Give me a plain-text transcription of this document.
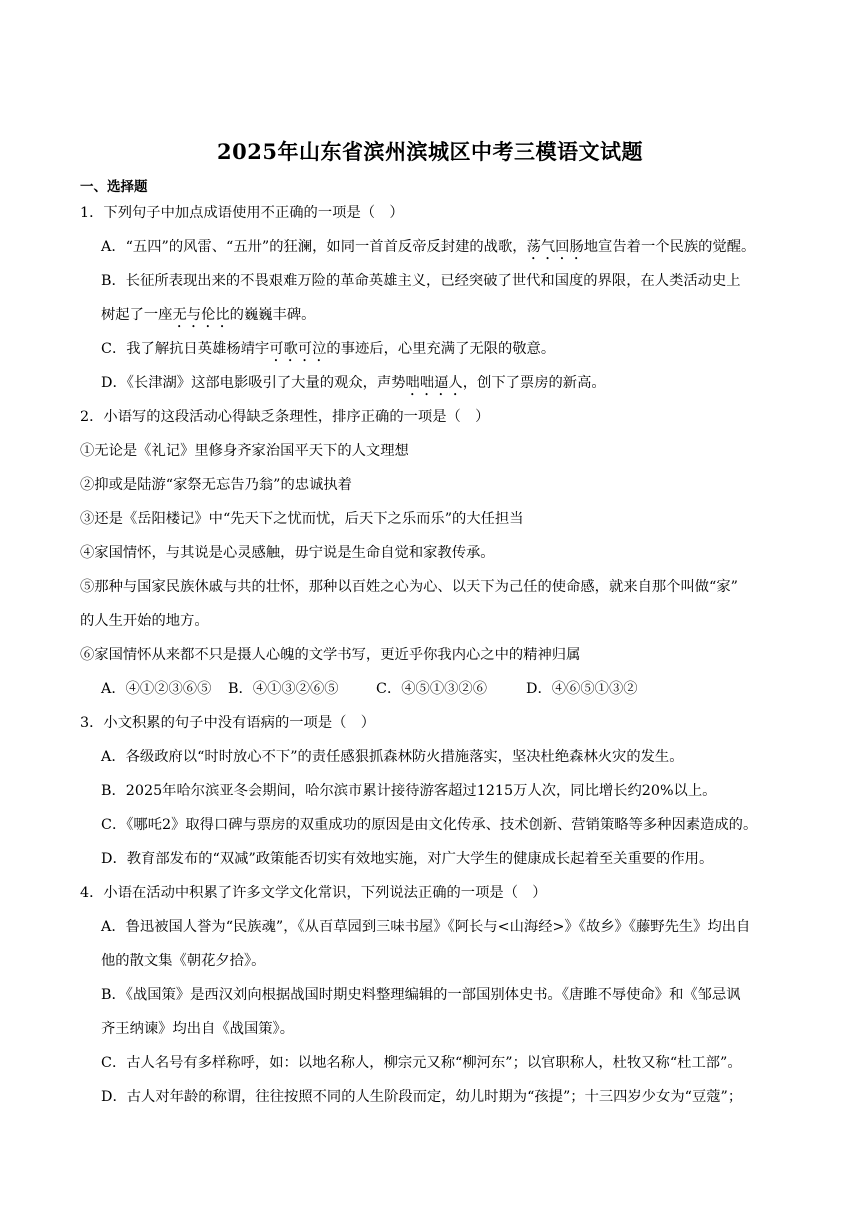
2025年山东省滨州滨城区中考三模语文试题
一、选择题
1．下列句子中加点成语使用不正确的一项是（　）
A．“五四”的风雷、“五卅”的狂澜，如同一首首反帝反封建的战歌，荡气回肠地宣告着一个民族的觉醒。
B．长征所表现出来的不畏艰难万险的革命英雄主义，已经突破了世代和国度的界限，在人类活动史上
树起了一座无与伦比的巍巍丰碑。
C．我了解抗日英雄杨靖宇可歌可泣的事迹后，心里充满了无限的敬意。
D．《长津湖》这部电影吸引了大量的观众，声势咄咄逼人，创下了票房的新高。
2．小语写的这段活动心得缺乏条理性，排序正确的一项是（　）
①无论是《礼记》里修身齐家治国平天下的人文理想
②抑或是陆游“家祭无忘告乃翁”的忠诚执着
③还是《岳阳楼记》中“先天下之忧而忧，后天下之乐而乐”的大任担当
④家国情怀，与其说是心灵感触，毋宁说是生命自觉和家教传承。
⑤那种与国家民族休戚与共的壮怀，那种以百姓之心为心、以天下为己任的使命感，就来自那个叫做“家”
的人生开始的地方。
⑥家国情怀从来都不只是摄人心魄的文学书写，更近乎你我内心之中的精神归属
A．④①②③⑥⑤ B．④①③②⑥⑤	C．④⑤①③②⑥	D．④⑥⑤①③②
3．小文积累的句子中没有语病的一项是（　）
A．各级政府以“时时放心不下”的责任感狠抓森林防火措施落实，坚决杜绝森林火灾的发生。
B．2025年哈尔滨亚冬会期间，哈尔滨市累计接待游客超过1215万人次，同比增长约20%以上。
C．《哪吒2》取得口碑与票房的双重成功的原因是由文化传承、技术创新、营销策略等多种因素造成的。
D．教育部发布的“双减”政策能否切实有效地实施，对广大学生的健康成长起着至关重要的作用。
4．小语在活动中积累了许多文学文化常识，下列说法正确的一项是（　）
A．鲁迅被国人誉为“民族魂”，《从百草园到三味书屋》《阿长与<山海经>》《故乡》《藤野先生》均出自
他的散文集《朝花夕拾》。
B．《战国策》是西汉刘向根据战国时期史料整理编辑的一部国别体史书。《唐雎不辱使命》和《邹忌讽
齐王纳谏》均出自《战国策》。
C．古人名号有多样称呼，如：以地名称人，柳宗元又称“柳河东”；以官职称人，杜牧又称“杜工部”。
D．古人对年龄的称谓，往往按照不同的人生阶段而定，幼儿时期为“孩提”；十三四岁少女为“豆蔻”；
